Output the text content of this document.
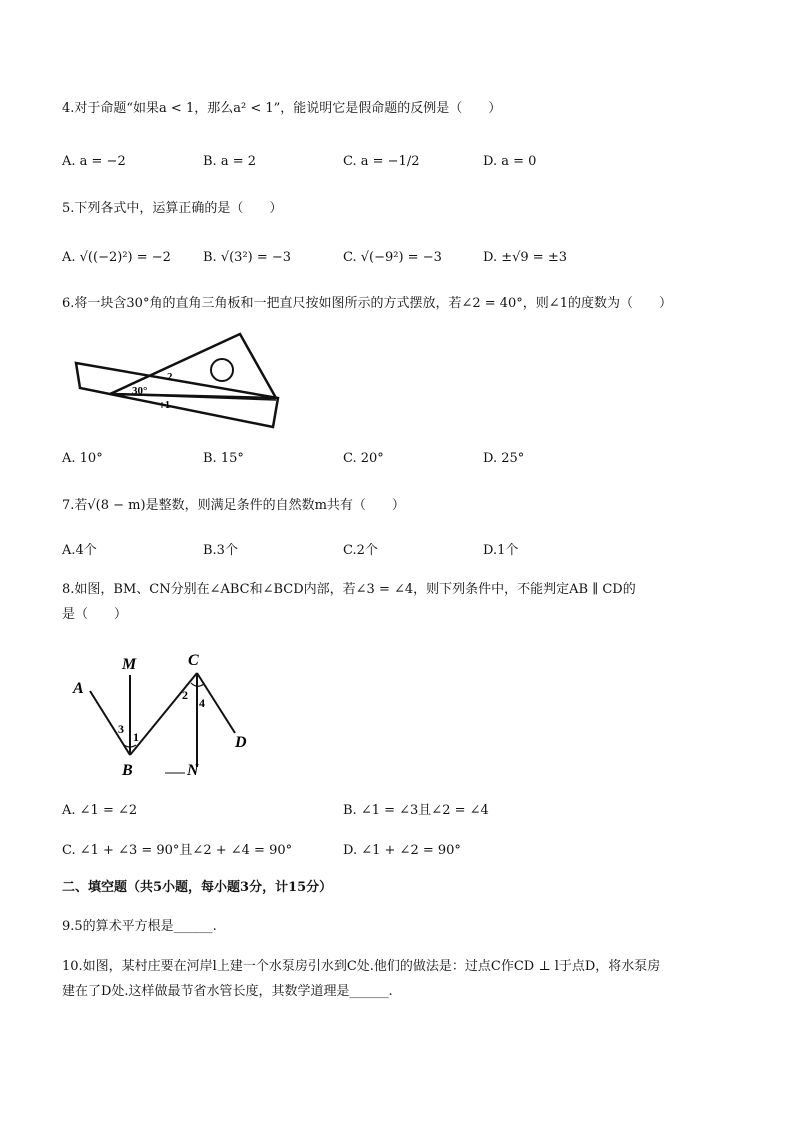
4.对于命题“如果a < 1，那么a² < 1”，能说明它是假命题的反例是（　　）
A. a = −2	B. a = 2	C. a = −1/2	D. a = 0
5.下列各式中，运算正确的是（　　）
A. √((−2)²) = −2 B. √(3²) = −3	C. √(−9²) = −3	D. ±√9 = ±3
6.将一块含30°角的直角三角板和一把直尺按如图所示的方式摆放，若∠2 = 40°，则∠1的度数为（　　）
30°
2
1
A. 10°	B. 15°	C. 20°	D. 25°
7.若√(8 − m)是整数，则满足条件的自然数m共有（　　）
A.4个	B.3个	C.2个	D.1个
8.如图，BM、CN分别在∠ABC和∠BCD内部，若∠3 = ∠4，则下列条件中，不能判定AB ∥ CD的
是（　　）
A
M	C
B	N
D
1
2
3
4
A. ∠1 = ∠2	B. ∠1 = ∠3且∠2 = ∠4
C. ∠1 + ∠3 = 90°且∠2 + ∠4 = 90°	D. ∠1 + ∠2 = 90°
二、填空题（共5小题，每小题3分，计15分）
9.5的算术平方根是______.
10.如图，某村庄要在河岸l上建一个水泵房引水到C处.他们的做法是：过点C作CD ⊥ l于点D，将水泵房
建在了D处.这样做最节省水管长度，其数学道理是______.
